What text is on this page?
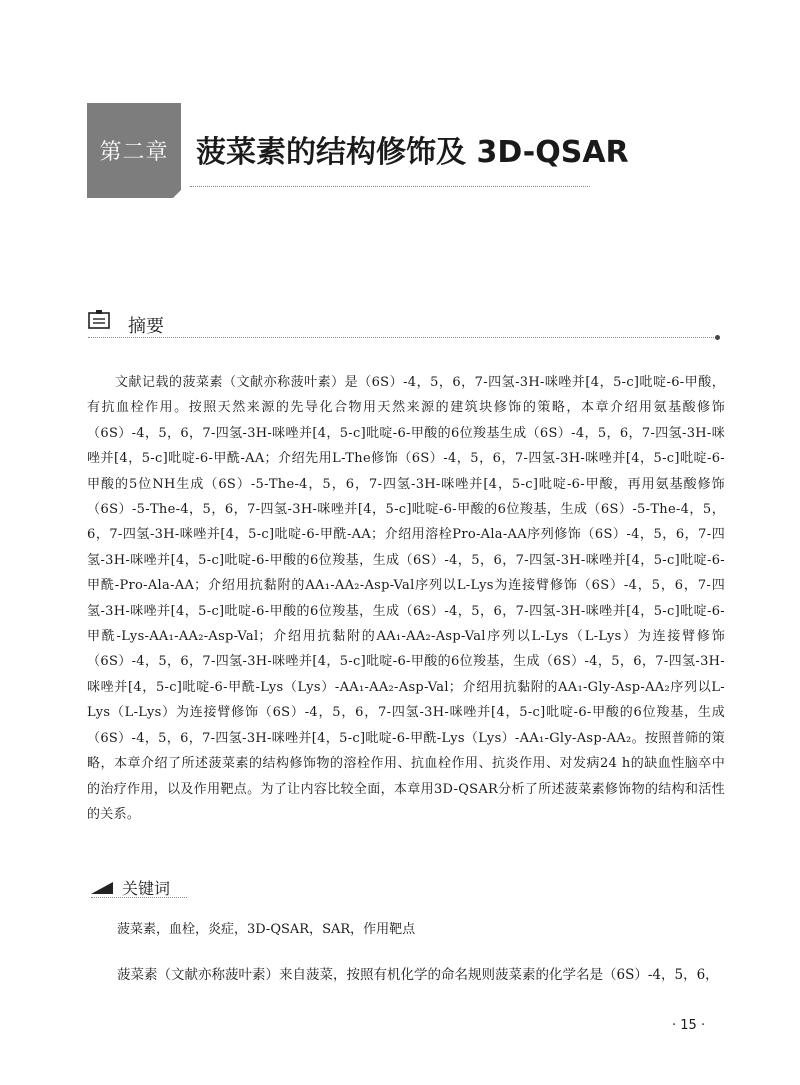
第二章 菠菜素的结构修饰及 3D-QSAR
摘要

文献记载的菠菜素（文献亦称菠叶素）是（6S）-4，5，6，7-四氢-3H-咪唑并[4，5-c]吡啶-6-甲酸，有抗血栓作用。按照天然来源的先导化合物用天然来源的建筑块修饰的策略，本章介绍用氨基酸修饰（6S）-4，5，6，7-四氢-3H-咪唑并[4，5-c]吡啶-6-甲酸的6位羧基生成（6S）-4，5，6，7-四氢-3H-咪唑并[4，5-c]吡啶-6-甲酰-AA；介绍先用L-The修饰（6S）-4，5，6，7-四氢-3H-咪唑并[4，5-c]吡啶-6-甲酸的5位NH生成（6S）-5-The-4，5，6，7-四氢-3H-咪唑并[4，5-c]吡啶-6-甲酸，再用氨基酸修饰（6S）-5-The-4，5，6，7-四氢-3H-咪唑并[4，5-c]吡啶-6-甲酸的6位羧基，生成（6S）-5-The-4，5，6，7-四氢-3H-咪唑并[4，5-c]吡啶-6-甲酰-AA；介绍用溶栓Pro-Ala-AA序列修饰（6S）-4，5，6，7-四氢-3H-咪唑并[4，5-c]吡啶-6-甲酸的6位羧基，生成（6S）-4，5，6，7-四氢-3H-咪唑并[4，5-c]吡啶-6-甲酰-Pro-Ala-AA；介绍用抗黏附的AA₁-AA₂-Asp-Val序列以L-Lys为连接臂修饰（6S）-4，5，6，7-四氢-3H-咪唑并[4，5-c]吡啶-6-甲酸的6位羧基，生成（6S）-4，5，6，7-四氢-3H-咪唑并[4，5-c]吡啶-6-甲酰-Lys-AA₁-AA₂-Asp-Val；介绍用抗黏附的AA₁-AA₂-Asp-Val序列以L-Lys（L-Lys）为连接臂修饰（6S）-4，5，6，7-四氢-3H-咪唑并[4，5-c]吡啶-6-甲酸的6位羧基，生成（6S）-4，5，6，7-四氢-3H-咪唑并[4，5-c]吡啶-6-甲酰-Lys（Lys）-AA₁-AA₂-Asp-Val；介绍用抗黏附的AA₁-Gly-Asp-AA₂序列以L-Lys（L-Lys）为连接臂修饰（6S）-4，5，6，7-四氢-3H-咪唑并[4，5-c]吡啶-6-甲酸的6位羧基，生成（6S）-4，5，6，7-四氢-3H-咪唑并[4，5-c]吡啶-6-甲酰-Lys（Lys）-AA₁-Gly-Asp-AA₂。按照普筛的策略，本章介绍了所述菠菜素的结构修饰物的溶栓作用、抗血栓作用、抗炎作用、对发病24 h的缺血性脑卒中的治疗作用，以及作用靶点。为了让内容比较全面，本章用3D-QSAR分析了所述菠菜素修饰物的结构和活性的关系。

关键词
菠菜素，血栓，炎症，3D-QSAR，SAR，作用靶点

菠菜素（文献亦称菠叶素）来自菠菜，按照有机化学的命名规则菠菜素的化学名是（6S）-4，5，6，

· 15 ·
